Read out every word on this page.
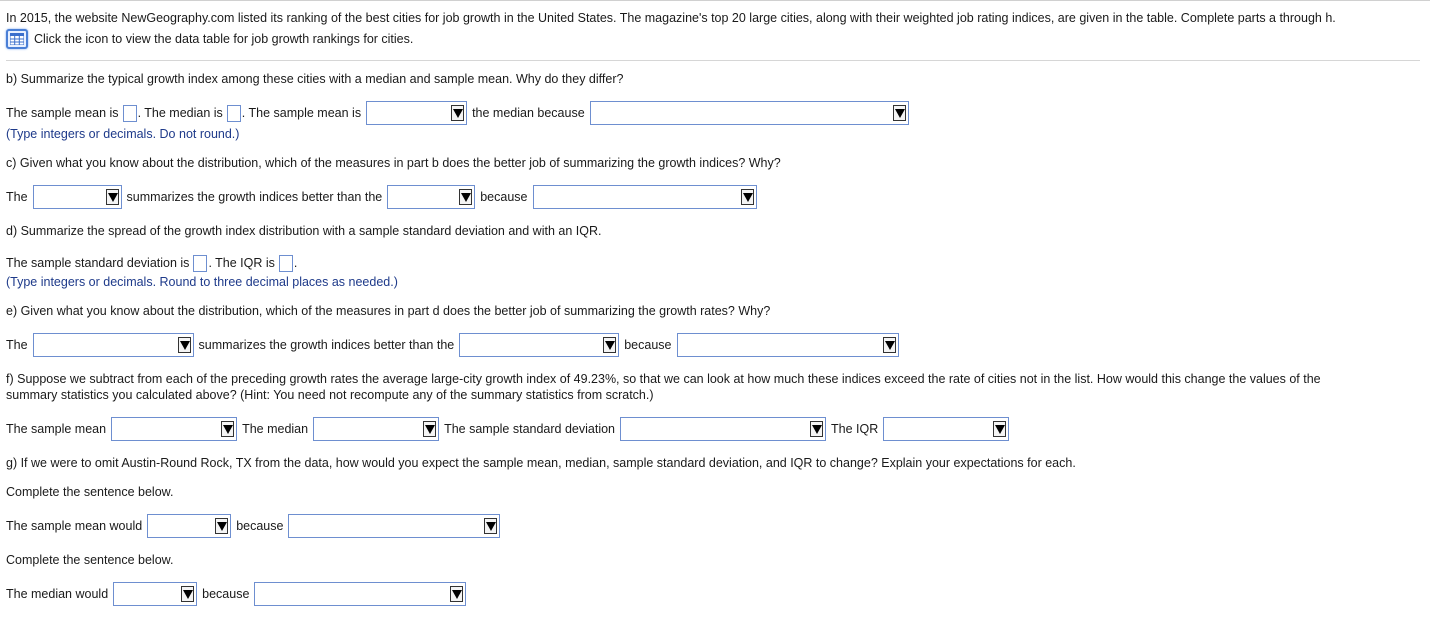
In 2015, the website NewGeography.com listed its ranking of the best cities for job growth in the United States. The magazine's top 20 large cities, along with their weighted job rating indices, are given in the table. Complete parts a through h.
Click the icon to view the data table for job growth rankings for cities.
b) Summarize the typical growth index among these cities with a median and sample mean. Why do they differ?
The sample mean is . The median is . The sample mean is	the median because
(Type integers or decimals. Do not round.)
c) Given what you know about the distribution, which of the measures in part b does the better job of summarizing the growth indices? Why?
The	summarizes the growth indices better than the	because
d) Summarize the spread of the growth index distribution with a sample standard deviation and with an IQR.
The sample standard deviation is . The IQR is .
(Type integers or decimals. Round to three decimal places as needed.)
e) Given what you know about the distribution, which of the measures in part d does the better job of summarizing the growth rates? Why?
The	summarizes the growth indices better than the	because
f) Suppose we subtract from each of the preceding growth rates the average large-city growth index of 49.23%, so that we can look at how much these indices exceed the rate of cities not in the list. How would this change the values of the
summary statistics you calculated above? (Hint: You need not recompute any of the summary statistics from scratch.)
The sample mean	The median	The sample standard deviation	The IQR
g) If we were to omit Austin-Round Rock, TX from the data, how would you expect the sample mean, median, sample standard deviation, and IQR to change? Explain your expectations for each.
Complete the sentence below.
The sample mean would	because
Complete the sentence below.
The median would	because
